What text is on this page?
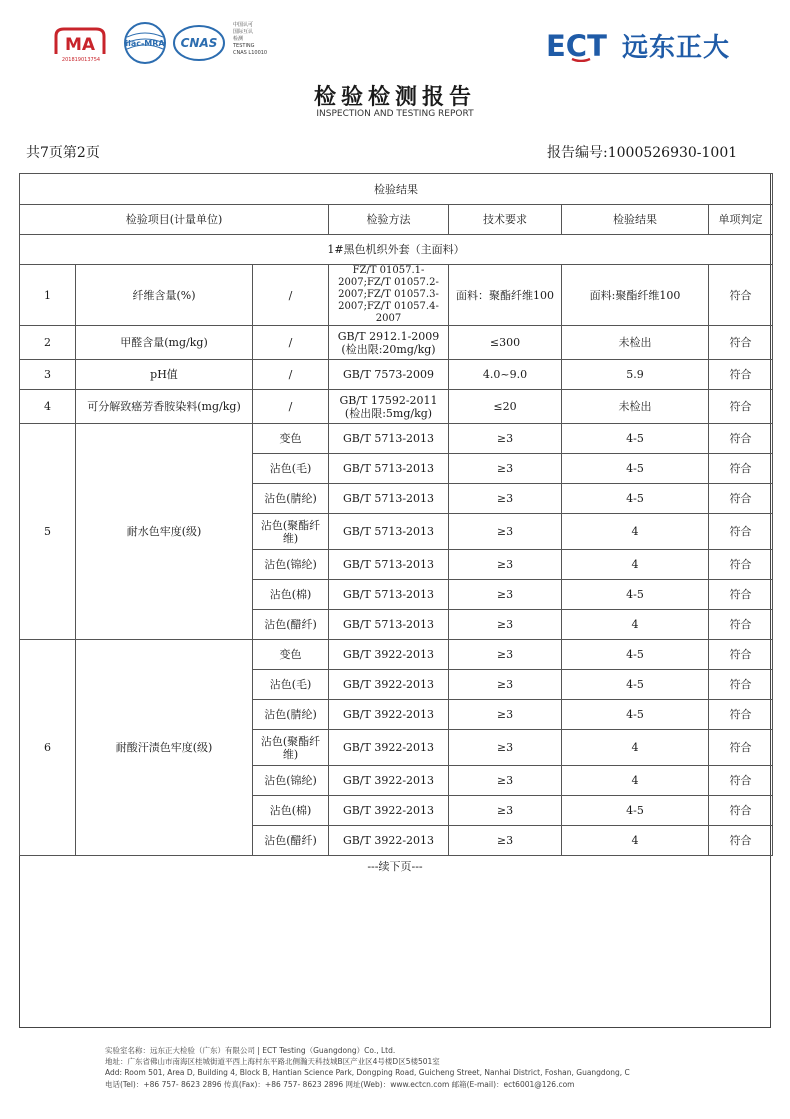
MA
201819013754
ilac-MRA CNAS
中国认可
国际互认
检测
TESTING
CNAS L10010	ECT 远东正大
检验检测报告
INSPECTION AND TESTING REPORT
共7页第2页	报告编号:1000526930-1001
检验结果						
检验项目(计量单位)			检验方法	技术要求	检验结果	单项判定
1#黑色机织外套（主面料）						
1	纤维含量(%)	/	FZ/T 01057.1-2007;FZ/T 01057.2-2007;FZ/T 01057.3-2007;FZ/T 01057.4-2007	面料：聚酯纤维100	面料:聚酯纤维100	符合
2	甲醛含量(mg/kg)	/	GB/T 2912.1-2009 (检出限:20mg/kg)	≤300	未检出	符合
3	pH值	/	GB/T 7573-2009	4.0~9.0	5.9	符合
4	可分解致癌芳香胺染料(mg/kg)	/	GB/T 17592-2011 (检出限:5mg/kg)	≤20	未检出	符合
5	耐水色牢度(级)	变色	GB/T 5713-2013	≥3	4-5	符合
		沾色(毛)	GB/T 5713-2013	≥3	4-5	符合
		沾色(腈纶)	GB/T 5713-2013	≥3	4-5	符合
		沾色(聚酯纤维)	GB/T 5713-2013	≥3	4	符合
		沾色(锦纶)	GB/T 5713-2013	≥3	4	符合
		沾色(棉)	GB/T 5713-2013	≥3	4-5	符合
		沾色(醋纤)	GB/T 5713-2013	≥3	4	符合
6	耐酸汗渍色牢度(级)	变色	GB/T 3922-2013	≥3	4-5	符合
		沾色(毛)	GB/T 3922-2013	≥3	4-5	符合
		沾色(腈纶)	GB/T 3922-2013	≥3	4-5	符合
		沾色(聚酯纤维)	GB/T 3922-2013	≥3	4	符合
		沾色(锦纶)	GB/T 3922-2013	≥3	4	符合
		沾色(棉)	GB/T 3922-2013	≥3	4-5	符合
		沾色(醋纤)	GB/T 3922-2013	≥3	4	符合
---续下页---
实验室名称：远东正大检验（广东）有限公司 | ECT Testing（Guangdong）Co., Ltd.
地址：广东省佛山市南海区桂城街道平西上海村东平路北侧瀚天科技城B区产业区4号楼D区5楼501室
Add: Room 501, Area D, Building 4, Block B, Hantian Science Park, Dongping Road, Guicheng Street, Nanhai District, Foshan, Guangdong, C
电话(Tel)：+86 757- 8623 2896 传真(Fax)：+86 757- 8623 2896 网址(Web)：www.ectcn.com 邮箱(E-mail)：ect6001@126.com
